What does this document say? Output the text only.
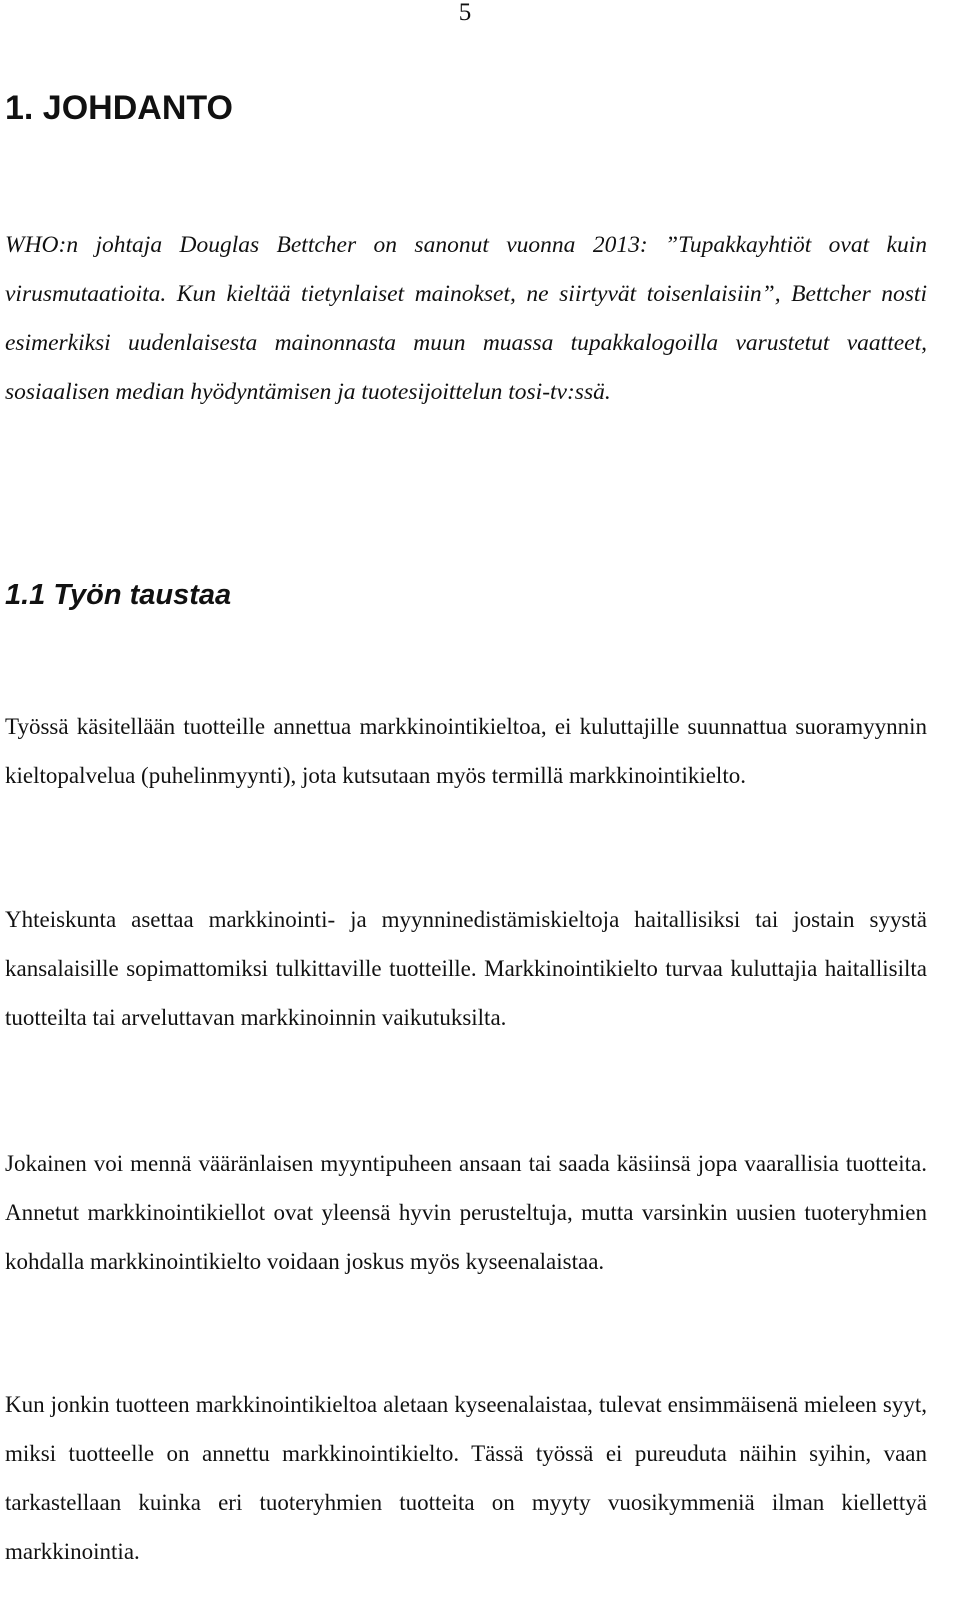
5
1. JOHDANTO

WHO:n johtaja Douglas Bettcher on sanonut vuonna 2013: ”Tupakkayhtiöt ovat kuin virusmutaatioita. Kun kieltää tietynlaiset mainokset, ne siirtyvät toisenlaisiin”, Bettcher nosti esimerkiksi uudenlaisesta mainonnasta muun muassa tupakkalogoilla varustetut vaatteet, sosiaalisen median hyödyntämisen ja tuotesijoittelun tosi-tv:ssä.

1.1 Työn taustaa

Työssä käsitellään tuotteille annettua markkinointikieltoa, ei kuluttajille suunnattua suoramyynnin kieltopalvelua (puhelinmyynti), jota kutsutaan myös termillä markkinointikielto.

Yhteiskunta asettaa markkinointi- ja myynninedistämiskieltoja haitallisiksi tai jostain syystä kansalaisille sopimattomiksi tulkittaville tuotteille. Markkinointikielto turvaa kuluttajia haitallisilta tuotteilta tai arveluttavan markkinoinnin vaikutuksilta.

Jokainen voi mennä vääränlaisen myyntipuheen ansaan tai saada käsiinsä jopa vaarallisia tuotteita. Annetut markkinointikiellot ovat yleensä hyvin perusteltuja, mutta varsinkin uusien tuoteryhmien kohdalla markkinointikielto voidaan joskus myös kyseenalaistaa.

Kun jonkin tuotteen markkinointikieltoa aletaan kyseenalaistaa, tulevat ensimmäisenä mieleen syyt, miksi tuotteelle on annettu markkinointikielto. Tässä työssä ei pureuduta näihin syihin, vaan tarkastellaan kuinka eri tuoteryhmien tuotteita on myyty vuosikymmeniä ilman kiellettyä markkinointia.
